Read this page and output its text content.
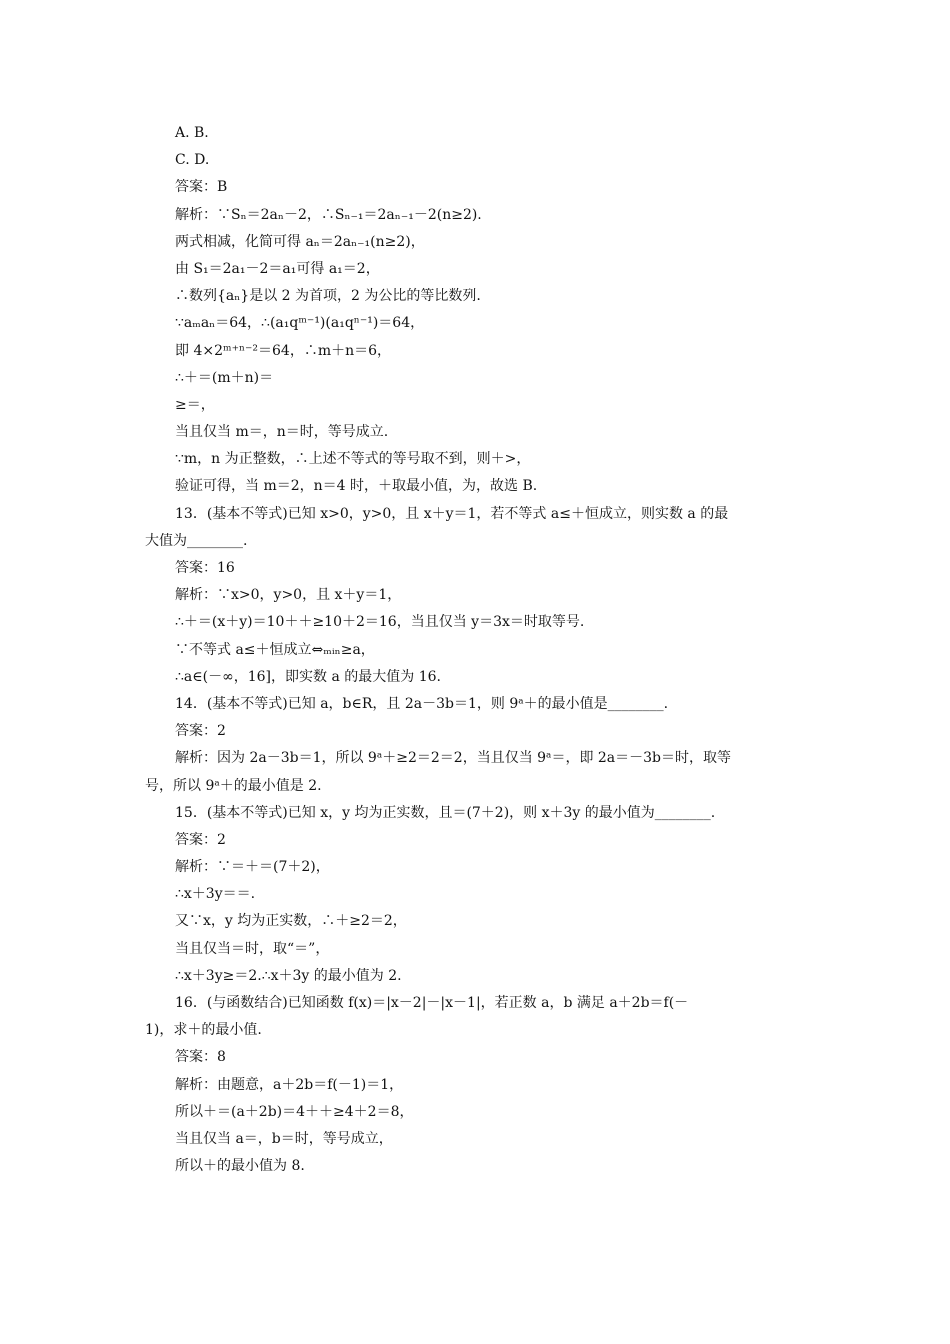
A. B.
C. D.
答案：B
解析：∵Sₙ＝2aₙ－2，∴Sₙ₋₁＝2aₙ₋₁－2(n≥2).
两式相减，化简可得 aₙ＝2aₙ₋₁(n≥2)，
由 S₁＝2a₁－2＝a₁可得 a₁＝2，
∴数列{aₙ}是以 2 为首项，2 为公比的等比数列.
∵aₘaₙ＝64，∴(a₁qᵐ⁻¹)(a₁qⁿ⁻¹)＝64，
即 4×2ᵐ⁺ⁿ⁻²＝64，∴m＋n＝6，
∴＋＝(m＋n)＝
≥＝，
当且仅当 m＝，n＝时，等号成立.
∵m，n 为正整数，∴上述不等式的等号取不到，则＋>，
验证可得，当 m＝2，n＝4 时，＋取最小值，为，故选 B.
13．(基本不等式)已知 x>0，y>0，且 x＋y＝1，若不等式 a≤＋恒成立，则实数 a 的最
大值为________.
答案：16
解析：∵x>0，y>0，且 x＋y＝1，
∴＋＝(x＋y)＝10＋＋≥10＋2＝16，当且仅当 y＝3x＝时取等号.
∵不等式 a≤＋恒成立⇔ₘᵢₙ≥a，
∴a∈(－∞，16]，即实数 a 的最大值为 16.
14．(基本不等式)已知 a，b∈R，且 2a－3b＝1，则 9ᵃ＋的最小值是________.
答案：2
解析：因为 2a－3b＝1，所以 9ᵃ＋≥2＝2＝2，当且仅当 9ᵃ＝，即 2a＝－3b＝时，取等
号，所以 9ᵃ＋的最小值是 2.
15．(基本不等式)已知 x，y 均为正实数，且＝(7＋2)，则 x＋3y 的最小值为________.
答案：2
解析：∵＝＋＝(7＋2)，
∴x＋3y＝＝.
又∵x，y 均为正实数，∴＋≥2＝2，
当且仅当＝时，取“＝”，
∴x＋3y≥＝2.∴x＋3y 的最小值为 2.
16．(与函数结合)已知函数 f(x)＝|x－2|－|x－1|，若正数 a，b 满足 a＋2b＝f(－
1)，求＋的最小值.
答案：8
解析：由题意，a＋2b＝f(－1)＝1，
所以＋＝(a＋2b)＝4＋＋≥4＋2＝8，
当且仅当 a＝，b＝时，等号成立，
所以＋的最小值为 8.
